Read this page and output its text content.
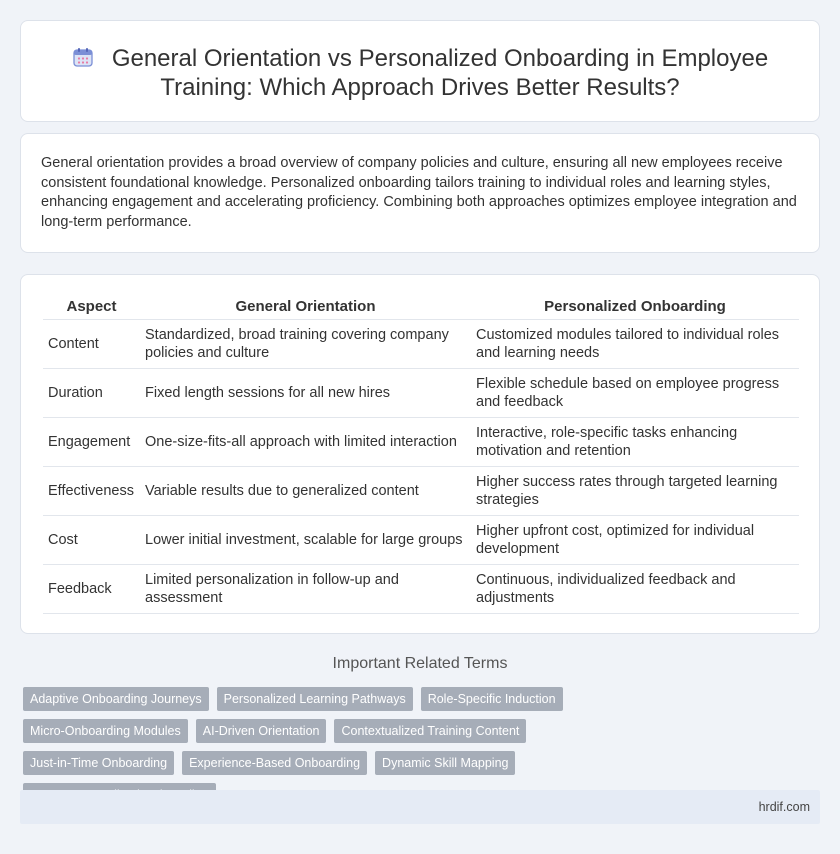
General Orientation vs Personalized Onboarding in Employee Training: Which Approach Drives Better Results?

General orientation provides a broad overview of company policies and culture, ensuring all new employees receive consistent foundational knowledge. Personalized onboarding tailors training to individual roles and learning styles, enhancing engagement and accelerating proficiency. Combining both approaches optimizes employee integration and long-term performance.

Aspect	General Orientation	Personalized Onboarding
Content	Standardized, broad training covering company policies and culture	Customized modules tailored to individual roles and learning needs
Duration	Fixed length sessions for all new hires	Flexible schedule based on employee progress and feedback
Engagement	One-size-fits-all approach with limited interaction	Interactive, role-specific tasks enhancing motivation and retention
Effectiveness	Variable results due to generalized content	Higher success rates through targeted learning strategies
Cost	Lower initial investment, scalable for large groups	Higher upfront cost, optimized for individual development
Feedback	Limited personalization in follow-up and assessment	Continuous, individualized feedback and adjustments
Important Related Terms
Adaptive Onboarding Journeys	Personalized Learning Pathways	Role-Specific Induction
Micro-Onboarding Modules	AI-Driven Orientation	Contextualized Training Content
Just-in-Time Onboarding	Experience-Based Onboarding	Dynamic Skill Mapping
hrdif.com
